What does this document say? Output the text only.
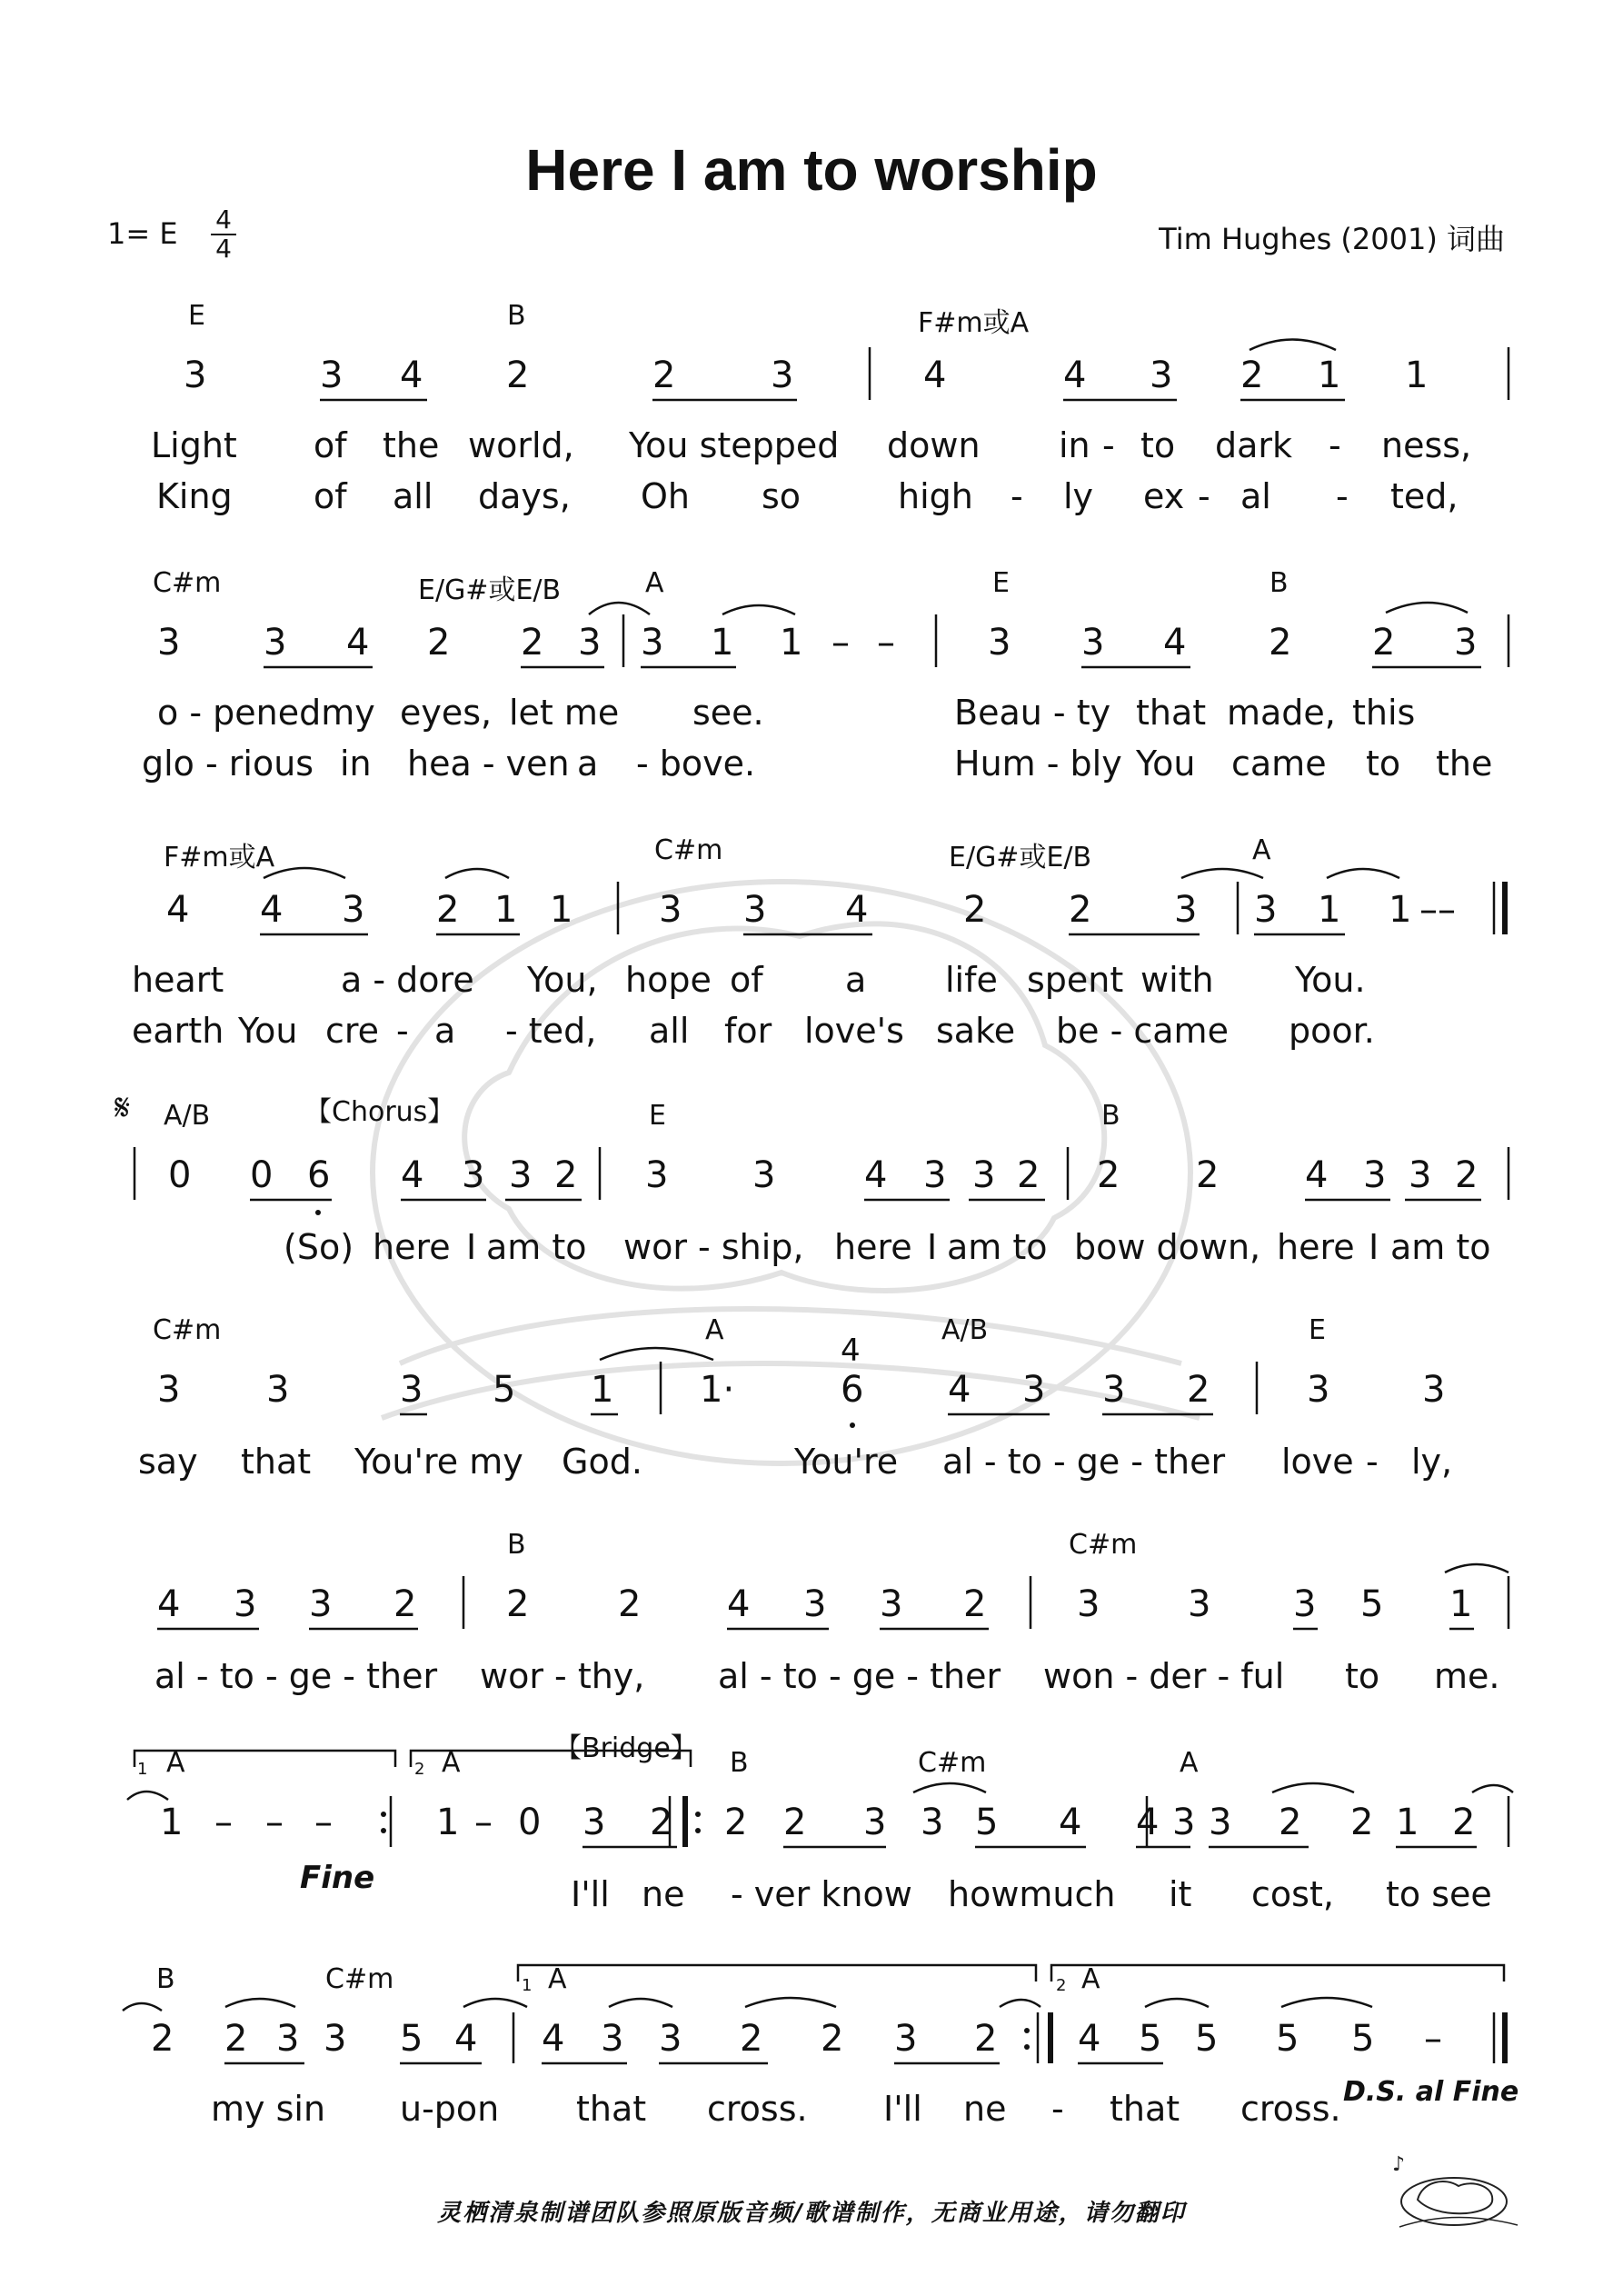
Here I am to worship
1= E	4
4	Tim Hughes (2001) 词曲
E	B	F#m或A
3	3 4 2	2	3	4	4 3 2 1 1
Light of the world, You stepped down in - to dark - ness,
King of all days, Oh so	high - ly ex - al - ted,
C#m	E/G#或E/B	A	E	B
3 3 4 2 2 3 3 1 1 – –	3 3 4 2 2 3
o - penedmy eyes, let me see.	Beau - ty that made, this
glo - rious in hea - ven a - bove.	Hum - bly You came to the
F#m或A	C#m	E/G#或E/B	A
4 4 3 2 1 1 3 3 4	2 2 3 3 1 1 ––
heart	a - dore You, hope of a life spent with You.
earth You cre - a - ted, all for love's sake be - came poor.
𝄋 A/B	【Chorus】	E	B
0 0 6 4 3 3 2 3 3 4 3 3 2 2 2 4 3 3 2
(So) here I am to wor - ship, here I am to bow down, here I am to
C#m	A	A/B	E
3 3	3 5 1 1·
4
6 4 3 3 2	3	3
say that You're my God.	You're al - to - ge - ther love - ly,
B	C#m
4 3 3 2 2 2 4 3 3 2 3 3 3 5 1
al - to - ge - ther wor - thy, al - to - ge - ther won - der - ful to me.
1 A	2 A	【Bridge】 B	C#m	A
1 – – –	1 – 0 3 2 2 2 3 3 5 4 4 3 3 2 2 1 2
Fine	I'll ne - ver know howmuch it cost, to see
B	C#m	1 A	2 A
2 2 3 3 5 4 4 3 3 2 2 3 2 4 5 5 5 5 –
my sin u-pon that cross. I'll ne - that cross. D.S. al Fine
灵栖清泉制谱团队参照原版音频/歌谱制作，无商业用途，请勿翻印
♪
